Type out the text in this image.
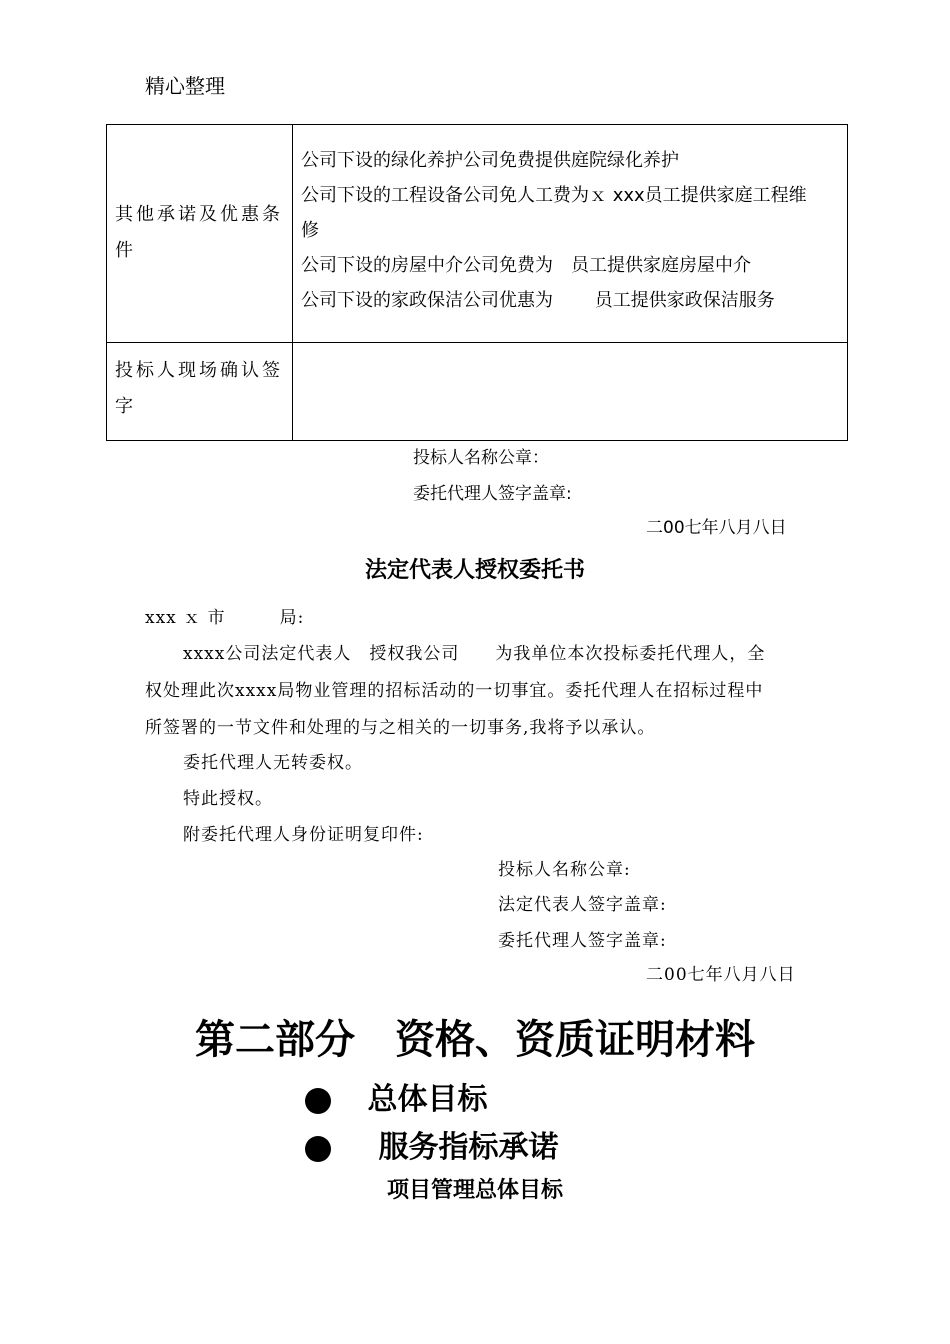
精心整理
其他承诺及优惠条件	公司下设的绿化养护公司免费提供庭院绿化养护
公司下设的工程设备公司免人工费为ｘ xxx员工提供家庭工程维
修
公司下设的房屋中介公司免费为　员工提供家庭房屋中介
公司下设的家政保洁公司优惠为　　 员工提供家政保洁服务

投标人现场确认签字	
投标人名称公章：
委托代理人签字盖章:
二00七年八月八日
法定代表人授权委托书
xxx ｘ 市　　　局:
xxxx公司法定代表人　授权我公司　　为我单位本次投标委托代理人，全
权处理此次xxxx局物业管理的招标活动的一切事宜。委托代理人在招标过程中
所签署的一节文件和处理的与之相关的一切事务,我将予以承认。
委托代理人无转委权。
特此授权。
附委托代理人身份证明复印件:
投标人名称公章:
法定代表人签字盖章:
委托代理人签字盖章:
二00七年八月八日
第二部分　资格、资质证明材料
总体目标
服务指标承诺
项目管理总体目标
